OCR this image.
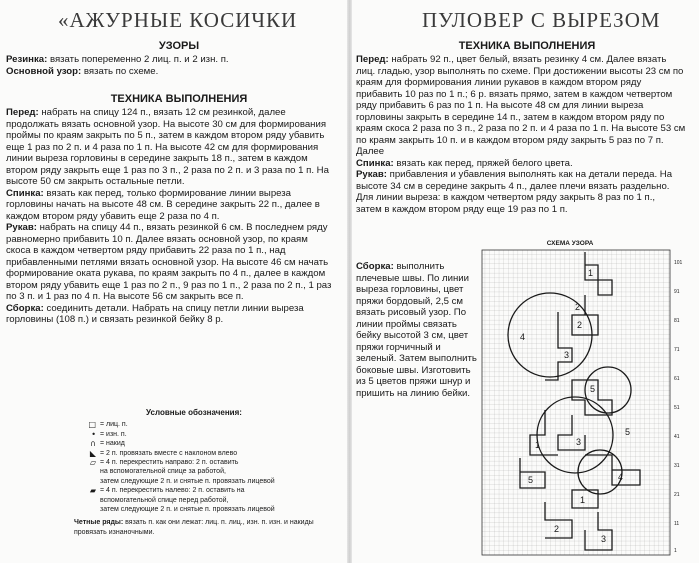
«АЖУРНЫЕ КОСИЧКИ
УЗОРЫ

Резинка: вязать попеременно 2 лиц. п. и 2 изн. п.

Основной узор: вязать по схеме.

ТЕХНИКА ВЫПОЛНЕНИЯ

Перед: набрать на спицу 124 п., вязать 12 см резинкой, далее продолжать вязать основной узор. На высоте 30 см для формирования проймы по краям закрыть по 5 п., затем в каждом втором ряду убавить еще 1 раз по 2 п. и 4 раза по 1 п. На высоте 42 см для формирования линии выреза горловины в середине закрыть 18 п., затем в каждом втором ряду закрыть еще 1 раз по 3 п., 2 раза по 2 п. и 3 раза по 1 п. На высоте 50 см закрыть остальные петли.

Спинка: вязать как перед, только формирование линии выреза горловины начать на высоте 48 см. В середине закрыть 22 п., далее в каждом втором ряду убавить еще 2 раза по 4 п.

Рукав: набрать на спицу 44 п., вязать резинкой 6 см. В последнем ряду равномерно прибавить 10 п. Далее вязать основной узор, по краям скоса в каждом четвертом ряду прибавить 22 раза по 1 п., над прибавленными петлями вязать основной узор. На высоте 46 см начать формирование оката рукава, по краям закрыть по 4 п., далее в каждом втором ряду убавить еще 1 раз по 2 п., 9 раз по 1 п., 2 раза по 2 п., 1 раз по 3 п. и 1 раз по 4 п. На высоте 56 см закрыть все п.

Сборка: соединить детали. Набрать на спицу петли линии выреза горловины (108 п.) и связать резинкой бейку 8 р.

Условные обозначения:
□ = лиц. п.
• = изн. п.
∩ = накид
◣ = 2 п. провязать вместе с наклоном влево
▱ = 4 п. перекрестить направо: 2 п. оставить
на вспомогательной спице за работой,
затем следующие 2 п. и снятые п. провязать лицевой
▰ = 4 п. перекрестить налево: 2 п. оставить на
вспомогательной спице перед работой,
затем следующие 2 п. и снятые п. провязать лицевой
Четные ряды: вязать п. как они лежат: лиц. п. лиц., изн. п. изн. и накиды провязать изнаночными.
ПУЛОВЕР С ВЫРЕЗОМ
ТЕХНИКА ВЫПОЛНЕНИЯ

Перед: набрать 92 п., цвет белый, вязать резинку 4 см. Далее вязать лиц. гладью, узор выполнять по схеме. При достижении высоты 23 см по краям для формирования линии рукавов в каждом втором ряду прибавить 10 раз по 1 п.; 6 р. вязать прямо, затем в каждом четвертом ряду прибавить 6 раз по 1 п. На высоте 48 см для линии выреза горловины закрыть в середине 14 п., затем в каждом втором ряду по краям скоса 2 раза по 3 п., 2 раза по 2 п. и 4 раза по 1 п. На высоте 53 см по краям закрыть 10 п. и в каждом втором ряду закрыть 5 раз по 7 п. Далее

Спинка: вязать как перед, пряжей белого цвета.

Рукав: прибавления и убавления выполнять как на детали переда. На высоте 34 см в середине закрыть 4 п., далее плечи вязать раздельно. Для линии выреза: в каждом четвертом ряду закрыть 8 раз по 1 п., затем в каждом втором ряду еще 19 раз по 1 п.

Сборка: выполнить плечевые швы. По линии выреза горловины, цвет пряжи бордовый, 2,5 см вязать рисовый узор. По линии проймы связать бейку высотой 3 см, цвет пряжи горчичный и зеленый. Затем выполнить боковые швы. Изготовить из 5 цветов пряжи шнур и пришить на линию бейки.

СХЕМА УЗОРА
1
2
3
4
5
2
3
1
4
5
1
2
3
5
101
91
81
71
61
51
41
31
21
11
1
